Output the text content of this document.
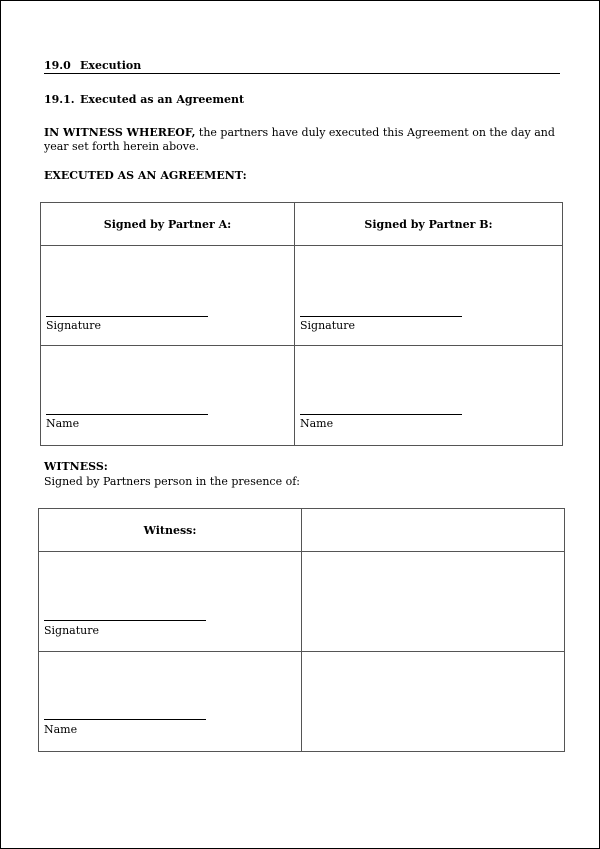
19.0 Execution
19.1. Executed as an Agreement
IN WITNESS WHEREOF, the partners have duly executed this Agreement on the day and year set forth herein above.
EXECUTED AS AN AGREEMENT:
Signed by Partner A:	Signed by Partner B:

Signature	Signature

Name	Name
WITNESS:
Signed by Partners person in the presence of:
Witness:	

Signature	

Name	
